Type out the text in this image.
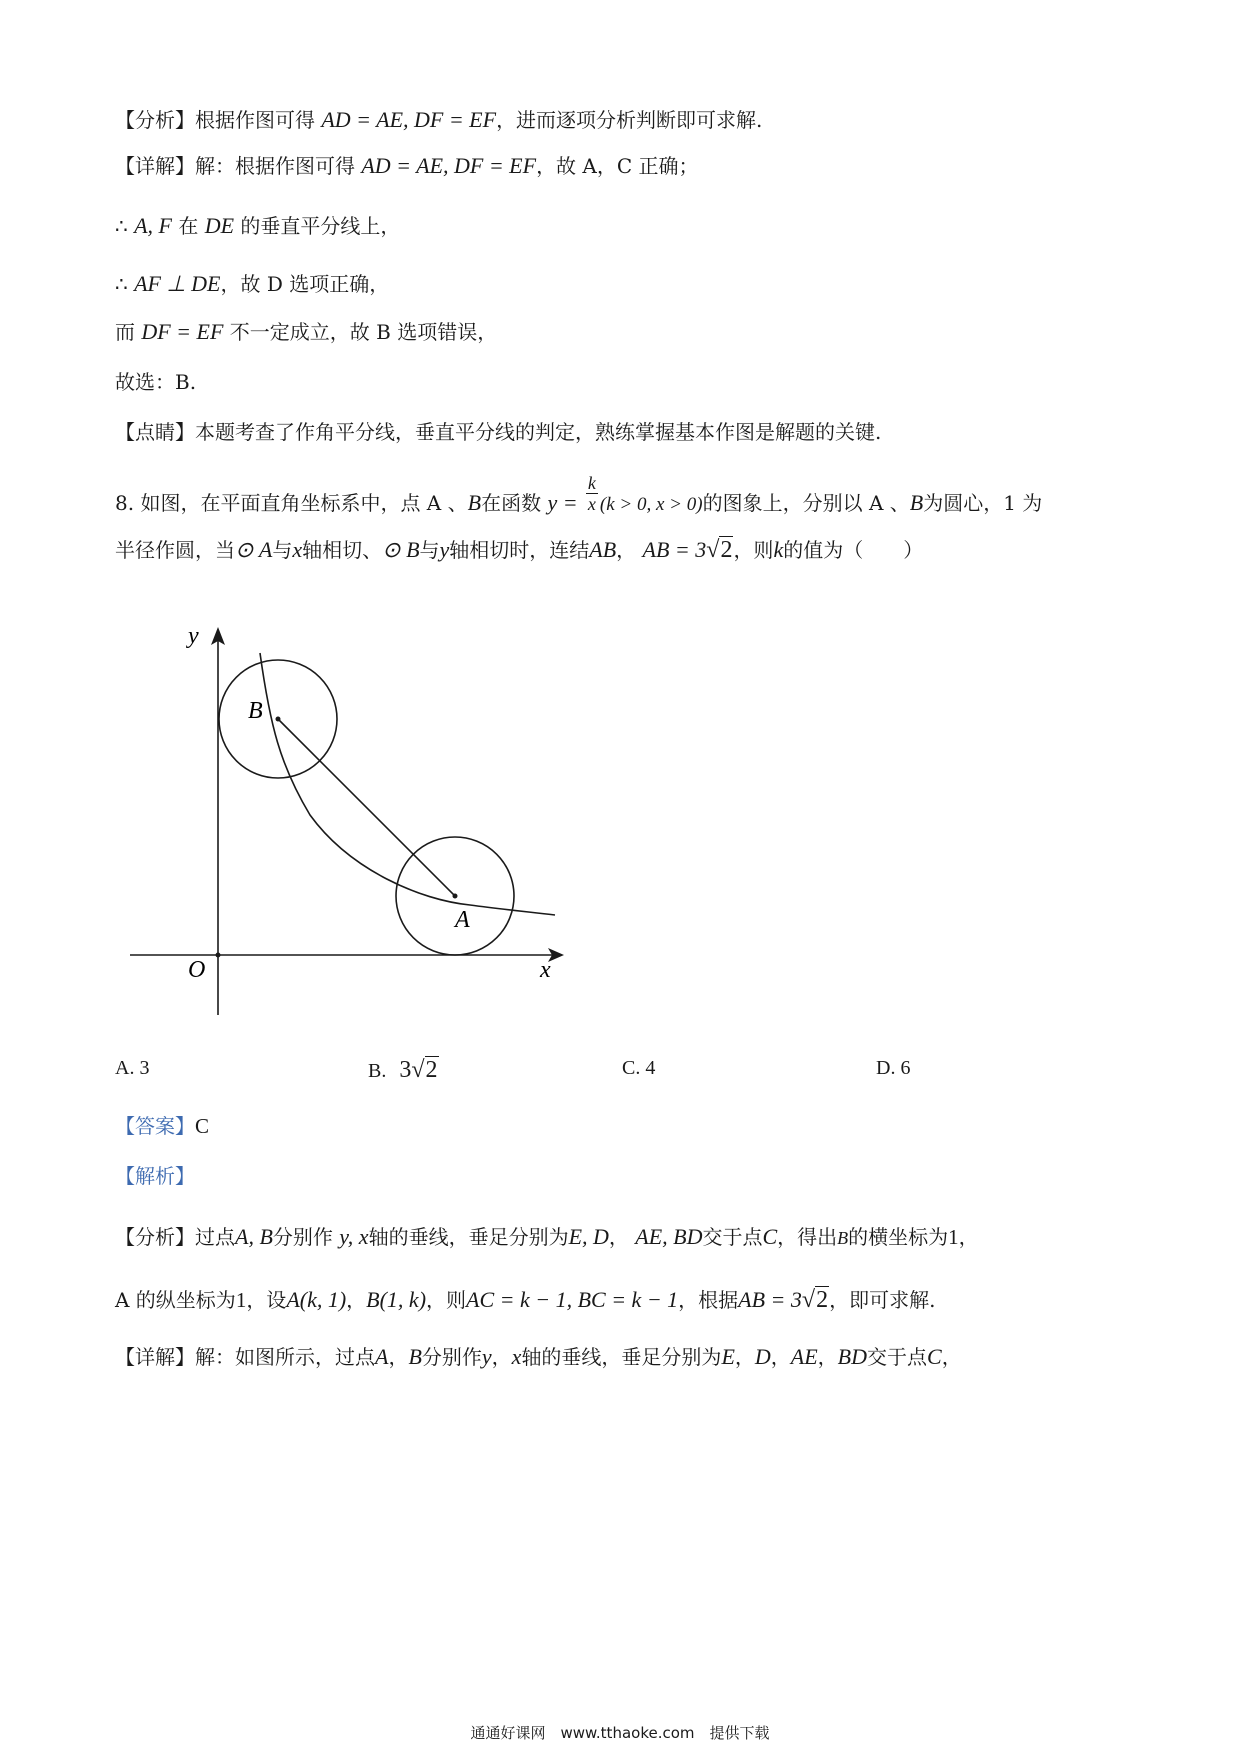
【分析】根据作图可得 AD = AE, DF = EF，进而逐项分析判断即可求解.
【详解】解：根据作图可得 AD = AE, DF = EF，故 A，C 正确；
∴ A, F 在 DE 的垂直平分线上，
∴ AF ⊥ DE，故 D 选项正确，
而 DF = EF 不一定成立，故 B 选项错误，
故选：B.
【点睛】本题考查了作角平分线，垂直平分线的判定，熟练掌握基本作图是解题的关键.
8. 如图，在平面直角坐标系中，点 A 、B在函数 $y = \frac{k}{x} (k > 0$, x > 0)的图象上，分别以 A 、B为圆心，1 为
半径作圆，当⊙ A与x轴相切、⊙ B与y轴相切时，连结AB， AB = 3√2，则k的值为（　　）
y
x
O
A
B
A. 3	B. 3√2	C. 4	D. 6
【答案】C
【解析】
【分析】过点A, B分别作 y, x轴的垂线，垂足分别为E, D， AE, BD交于点C，得出B的横坐标为1，
A 的纵坐标为1，设A(k, 1)，B(1, k)，则AC = k − 1, BC = k − 1，根据AB = 3√2，即可求解.
【详解】解：如图所示，过点A，B分别作y，x轴的垂线，垂足分别为E，D，AE，BD交于点C，
通通好课网　www.tthaoke.com　提供下载
